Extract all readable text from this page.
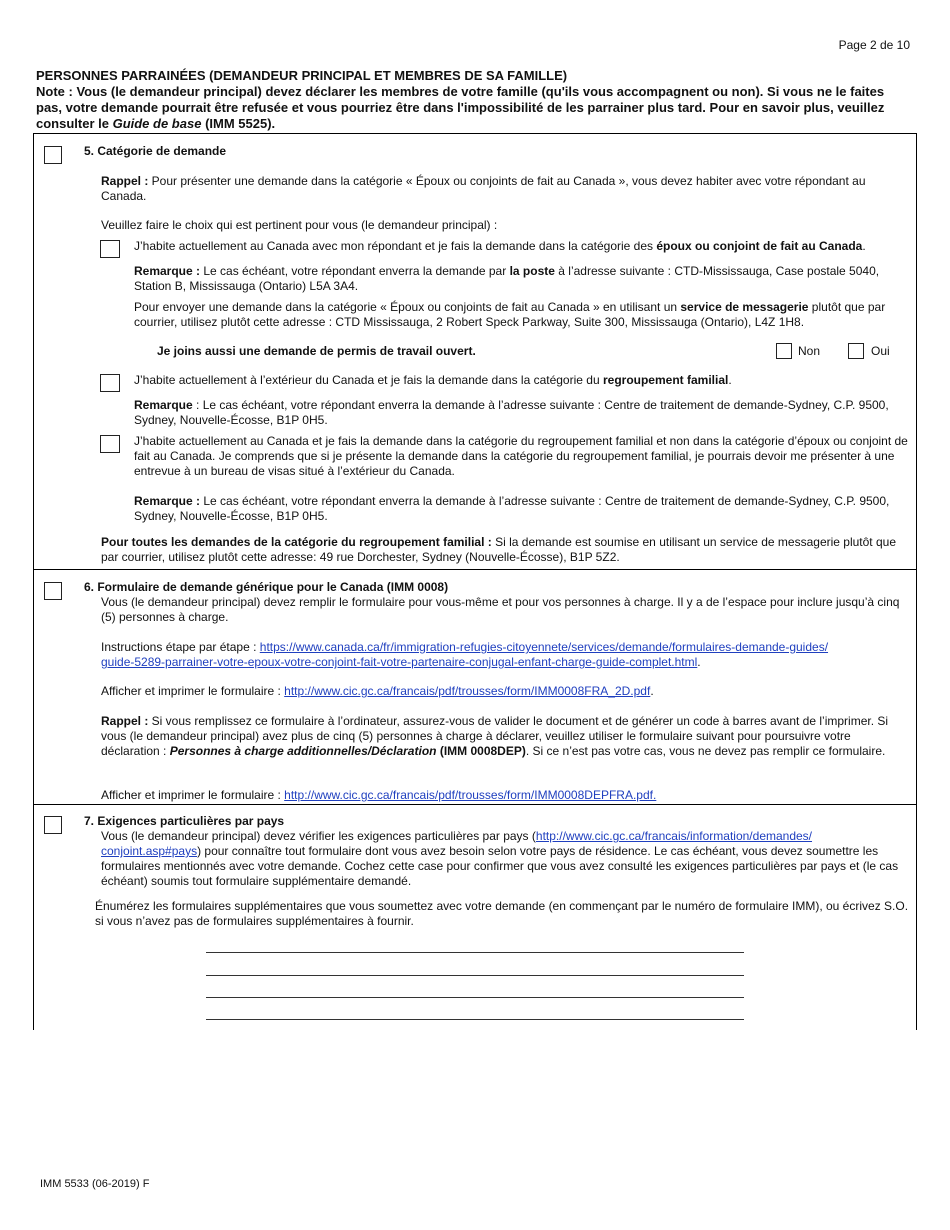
Page 2 de 10
PERSONNES PARRAINÉES (DEMANDEUR PRINCIPAL ET MEMBRES DE SA FAMILLE)
Note : Vous (le demandeur principal) devez déclarer les membres de votre famille (qu'ils vous accompagnent ou non). Si vous ne le faites pas, votre demande pourrait être refusée et vous pourriez être dans l'impossibilité de les parrainer plus tard. Pour en savoir plus, veuillez consulter le Guide de base (IMM 5525).
5. Catégorie de demande
Rappel : Pour présenter une demande dans la catégorie « Époux ou conjoints de fait au Canada », vous devez habiter avec votre répondant au Canada.
Veuillez faire le choix qui est pertinent pour vous (le demandeur principal) :
J’habite actuellement au Canada avec mon répondant et je fais la demande dans la catégorie des époux ou conjoint de fait au Canada.
Remarque : Le cas échéant, votre répondant enverra la demande par la poste à l’adresse suivante : CTD-Mississauga, Case postale 5040, Station B, Mississauga (Ontario) L5A 3A4.
Pour envoyer une demande dans la catégorie « Époux ou conjoints de fait au Canada » en utilisant un service de messagerie plutôt que par courrier, utilisez plutôt cette adresse : CTD Mississauga, 2 Robert Speck Parkway, Suite 300, Mississauga (Ontario), L4Z 1H8.
Je joins aussi une demande de permis de travail ouvert.	Non	Oui
J’habite actuellement à l’extérieur du Canada et je fais la demande dans la catégorie du regroupement familial.
Remarque : Le cas échéant, votre répondant enverra la demande à l’adresse suivante : Centre de traitement de demande-Sydney, C.P. 9500, Sydney, Nouvelle-Écosse, B1P 0H5.
J’habite actuellement au Canada et je fais la demande dans la catégorie du regroupement familial et non dans la catégorie d’époux ou conjoint de fait au Canada. Je comprends que si je présente la demande dans la catégorie du regroupement familial, je pourrais devoir me présenter à une entrevue à un bureau de visas situé à l’extérieur du Canada.
Remarque : Le cas échéant, votre répondant enverra la demande à l’adresse suivante : Centre de traitement de demande-Sydney, C.P. 9500, Sydney, Nouvelle-Écosse, B1P 0H5.
Pour toutes les demandes de la catégorie du regroupement familial : Si la demande est soumise en utilisant un service de messagerie plutôt que par courrier, utilisez plutôt cette adresse: 49 rue Dorchester, Sydney (Nouvelle-Écosse), B1P 5Z2.
6. Formulaire de demande générique pour le Canada (IMM 0008)
Vous (le demandeur principal) devez remplir le formulaire pour vous-même et pour vos personnes à charge. Il y a de l’espace pour inclure jusqu’à cinq (5) personnes à charge.
Instructions étape par étape : https://www.canada.ca/fr/immigration-refugies-citoyennete/services/demande/formulaires-demande-guides/
guide-5289-parrainer-votre-epoux-votre-conjoint-fait-votre-partenaire-conjugal-enfant-charge-guide-complet.html.
Afficher et imprimer le formulaire : http://www.cic.gc.ca/francais/pdf/trousses/form/IMM0008FRA_2D.pdf.
Rappel : Si vous remplissez ce formulaire à l’ordinateur, assurez-vous de valider le document et de générer un code à barres avant de l’imprimer. Si vous (le demandeur principal) avez plus de cinq (5) personnes à charge à déclarer, veuillez utiliser le formulaire suivant pour poursuivre votre déclaration : Personnes à charge additionnelles/Déclaration (IMM 0008DEP). Si ce n’est pas votre cas, vous ne devez pas remplir ce formulaire.
Afficher et imprimer le formulaire : http://www.cic.gc.ca/francais/pdf/trousses/form/IMM0008DEPFRA.pdf.
7. Exigences particulières par pays
Vous (le demandeur principal) devez vérifier les exigences particulières par pays (http://www.cic.gc.ca/francais/information/demandes/
conjoint.asp#pays) pour connaître tout formulaire dont vous avez besoin selon votre pays de résidence. Le cas échéant, vous devez soumettre les formulaires mentionnés avec votre demande. Cochez cette case pour confirmer que vous avez consulté les exigences particulières par pays et (le cas échéant) soumis tout formulaire supplémentaire demandé.
Énumérez les formulaires supplémentaires que vous soumettez avec votre demande (en commençant par le numéro de formulaire IMM), ou écrivez S.O. si vous n’avez pas de formulaires supplémentaires à fournir.
IMM 5533 (06-2019) F
